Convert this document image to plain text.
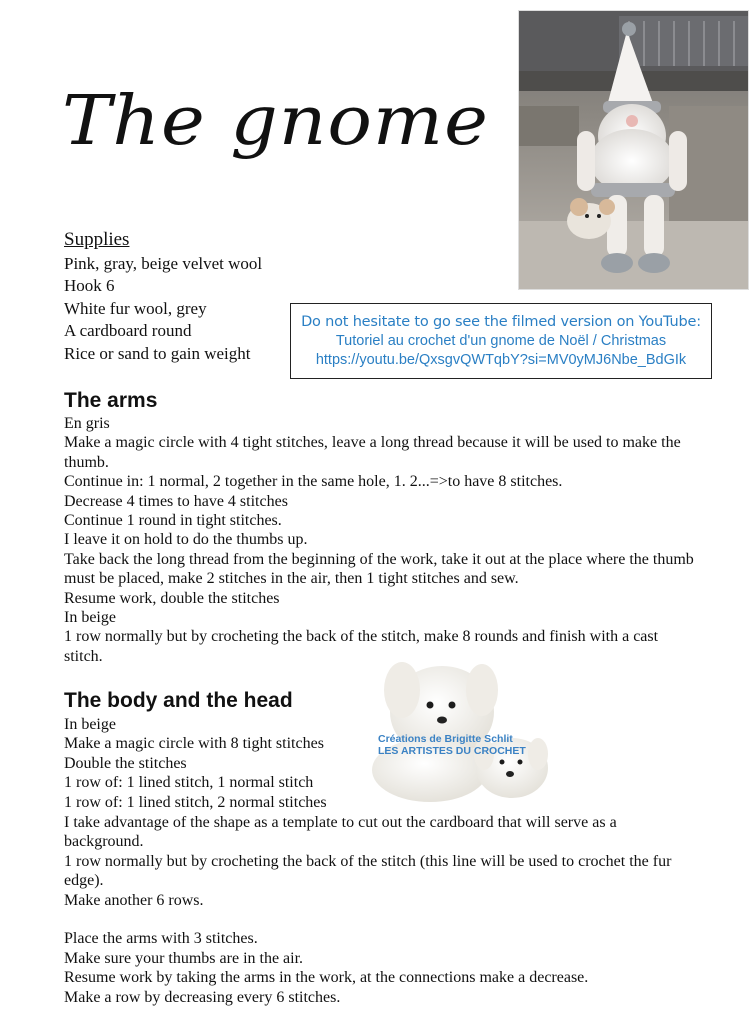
The gnome
Supplies
Pink, gray, beige velvet wool
Hook 6
White fur wool, grey
A cardboard round
Rice or sand to gain weight
Do not hesitate to go see the filmed version on YouTube:
Tutoriel au crochet d'un gnome de Noël / Christmas
https://youtu.be/QxsgvQWTqbY?si=MV0yMJ6Nbe_BdGIk
The arms
En gris
Make a magic circle with 4 tight stitches, leave a long thread because it will be used to make the thumb.
Continue in: 1 normal, 2 together in the same hole, 1. 2...=>to have 8 stitches.
Decrease 4 times to have 4 stitches
Continue 1 round in tight stitches.
I leave it on hold to do the thumbs up.
Take back the long thread from the beginning of the work, take it out at the place where the thumb must be placed, make 2 stitches in the air, then 1 tight stitches and sew.
Resume work, double the stitches
In beige
1 row normally but by crocheting the back of the stitch, make 8 rounds and finish with a cast stitch.
Créations de Brigitte Schlit
LES ARTISTES DU CROCHET
The body and the head
In beige
Make a magic circle with 8 tight stitches
Double the stitches
1 row of: 1 lined stitch, 1 normal stitch
1 row of: 1 lined stitch, 2 normal stitches
I take advantage of the shape as a template to cut out the cardboard that will serve as a background.
1 row normally but by crocheting the back of the stitch (this line will be used to crochet the fur edge).
Make another 6 rows.
Place the arms with 3 stitches.
Make sure your thumbs are in the air.
Resume work by taking the arms in the work, at the connections make a decrease.
Make a row by decreasing every 6 stitches.
